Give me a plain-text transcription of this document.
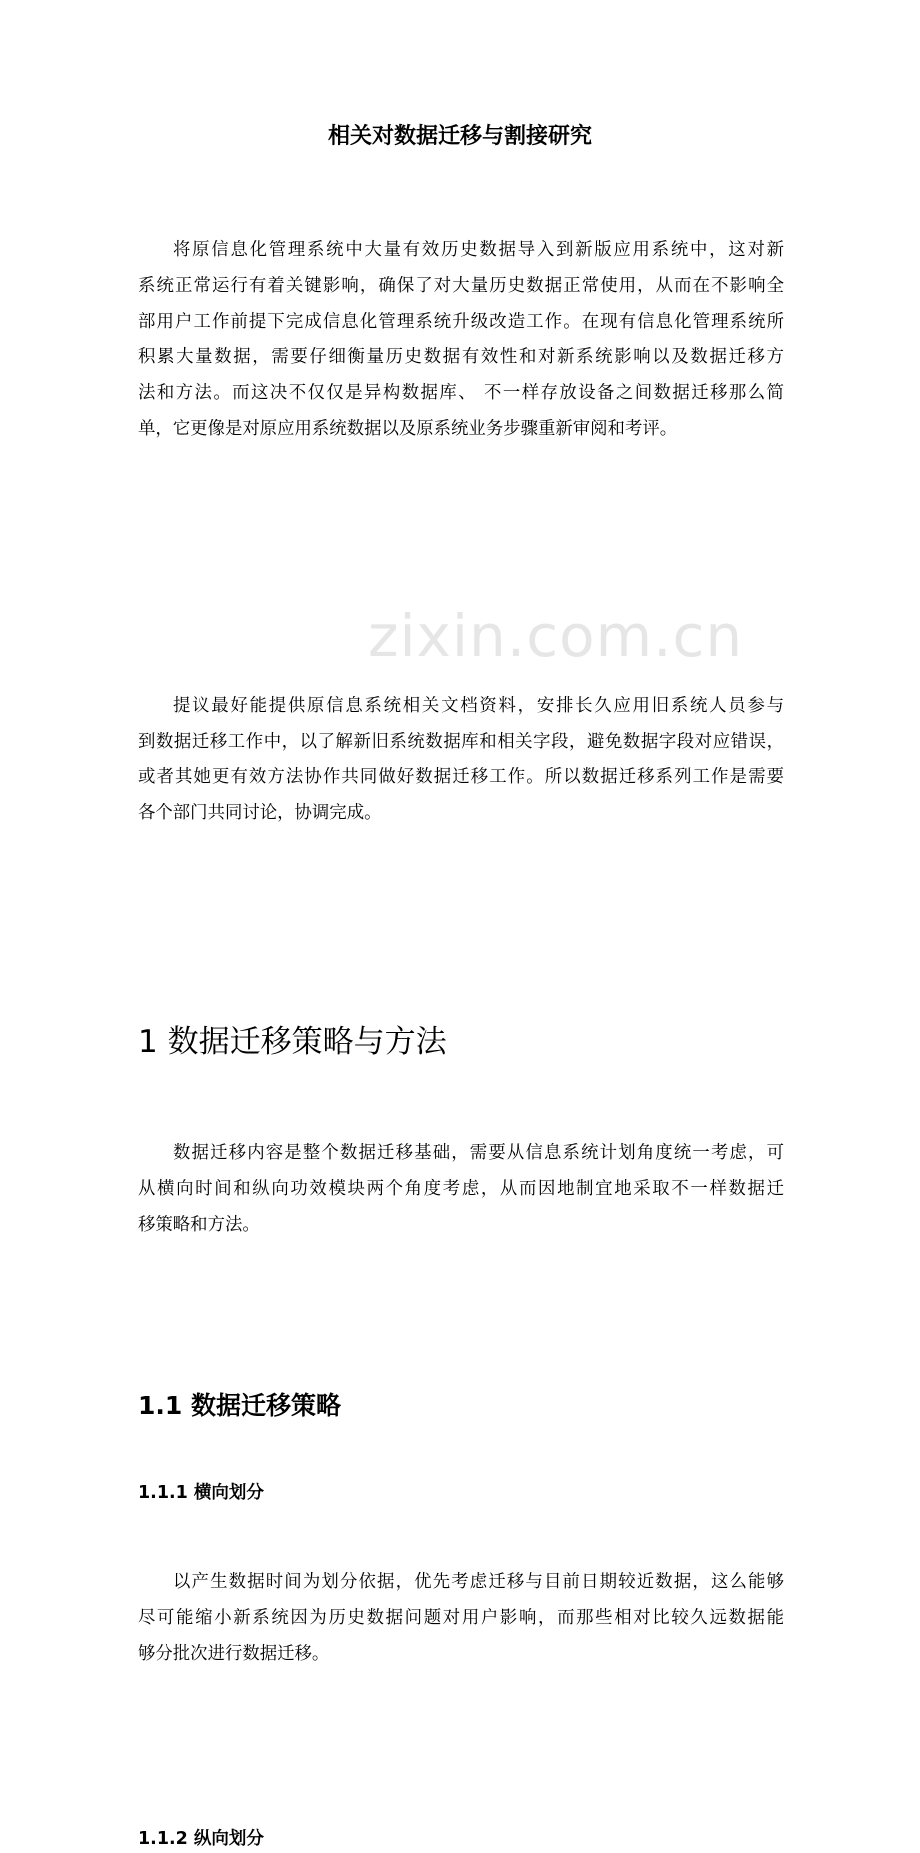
zixin.com.cn
相关对数据迁移与割接研究
将原信息化管理系统中大量有效历史数据导入到新版应用系统中，这对新
系统正常运行有着关键影响，确保了对大量历史数据正常使用，从而在不影响全
部用户工作前提下完成信息化管理系统升级改造工作。在现有信息化管理系统所
积累大量数据，需要仔细衡量历史数据有效性和对新系统影响以及数据迁移方
法和方法。而这决不仅仅是异构数据库、 不一样存放设备之间数据迁移那么简
单，它更像是对原应用系统数据以及原系统业务步骤重新审阅和考评。
提议最好能提供原信息系统相关文档资料，安排长久应用旧系统人员参与
到数据迁移工作中，以了解新旧系统数据库和相关字段，避免数据字段对应错误，
或者其她更有效方法协作共同做好数据迁移工作。所以数据迁移系列工作是需要
各个部门共同讨论，协调完成。
1 数据迁移策略与方法
数据迁移内容是整个数据迁移基础，需要从信息系统计划角度统一考虑，可
从横向时间和纵向功效模块两个角度考虑，从而因地制宜地采取不一样数据迁
移策略和方法。
1.1 数据迁移策略
1.1.1 横向划分
以产生数据时间为划分依据，优先考虑迁移与目前日期较近数据，这么能够
尽可能缩小新系统因为历史数据问题对用户影响，而那些相对比较久远数据能
够分批次进行数据迁移。
1.1.2 纵向划分
